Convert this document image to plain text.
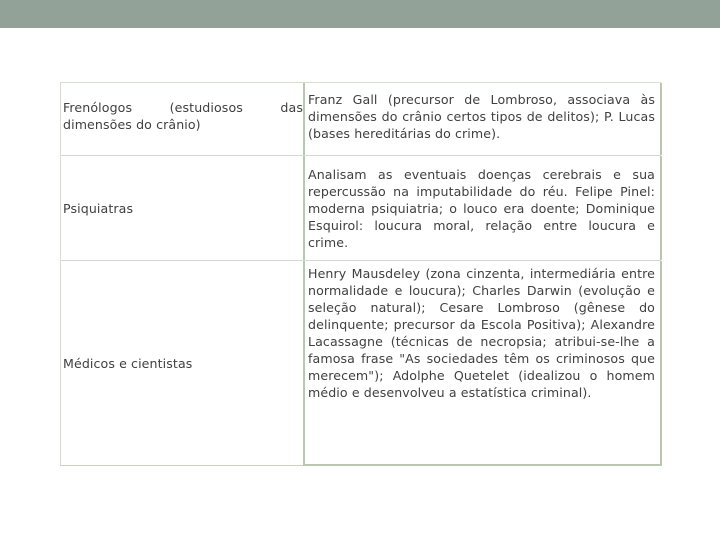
Frenólogos (estudiosos das dimensões do crânio)
Franz Gall (precursor de Lombroso, associava às dimensões do crânio certos tipos de delitos); P. Lucas (bases hereditárias do crime).
Psiquiatras
Analisam as eventuais doenças cerebrais e sua repercussão na imputabilidade do réu. Felipe Pinel: moderna psiquiatria; o louco era doente; Dominique Esquirol: loucura moral, relação entre loucura e crime.
Médicos e cientistas
Henry Mausdeley (zona cinzenta, intermediária entre normalidade e loucura); Charles Darwin (evolução e seleção natural); Cesare Lombroso (gênese do delinquente; precursor da Escola Positiva); Alexandre Lacassagne (técnicas de necropsia; atribui-se-lhe a famosa frase "As sociedades têm os criminosos que merecem"); Adolphe Quetelet (idealizou o homem médio e desenvolveu a estatística criminal).
